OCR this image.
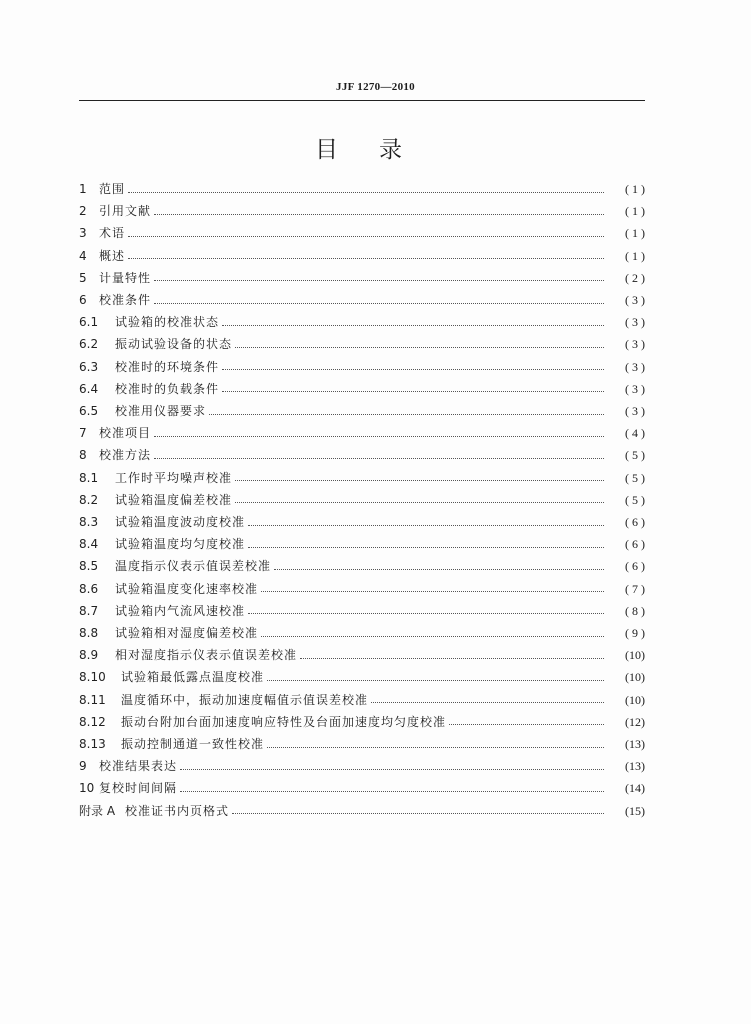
JJF 1270—2010
目 录
1	范围	( 1 )
2	引用文献	( 1 )
3	术语	( 1 )
4	概述	( 1 )
5	计量特性	( 2 )
6	校准条件	( 3 )
6.1	试验箱的校准状态	( 3 )
6.2	振动试验设备的状态	( 3 )
6.3	校准时的环境条件	( 3 )
6.4	校准时的负载条件	( 3 )
6.5	校准用仪器要求	( 3 )
7	校准项目	( 4 )
8	校准方法	( 5 )
8.1	工作时平均噪声校准	( 5 )
8.2	试验箱温度偏差校准	( 5 )
8.3	试验箱温度波动度校准	( 6 )
8.4	试验箱温度均匀度校准	( 6 )
8.5	温度指示仪表示值误差校准	( 6 )
8.6	试验箱温度变化速率校准	( 7 )
8.7	试验箱内气流风速校准	( 8 )
8.8	试验箱相对湿度偏差校准	( 9 )
8.9	相对湿度指示仪表示值误差校准	(10)
8.10	试验箱最低露点温度校准	(10)
8.11	温度循环中，振动加速度幅值示值误差校准	(10)
8.12	振动台附加台面加速度响应特性及台面加速度均匀度校准	(12)
8.13	振动控制通道一致性校准	(13)
9	校准结果表达	(13)
10 复校时间间隔	(14)
附录 A 校准证书内页格式	(15)
